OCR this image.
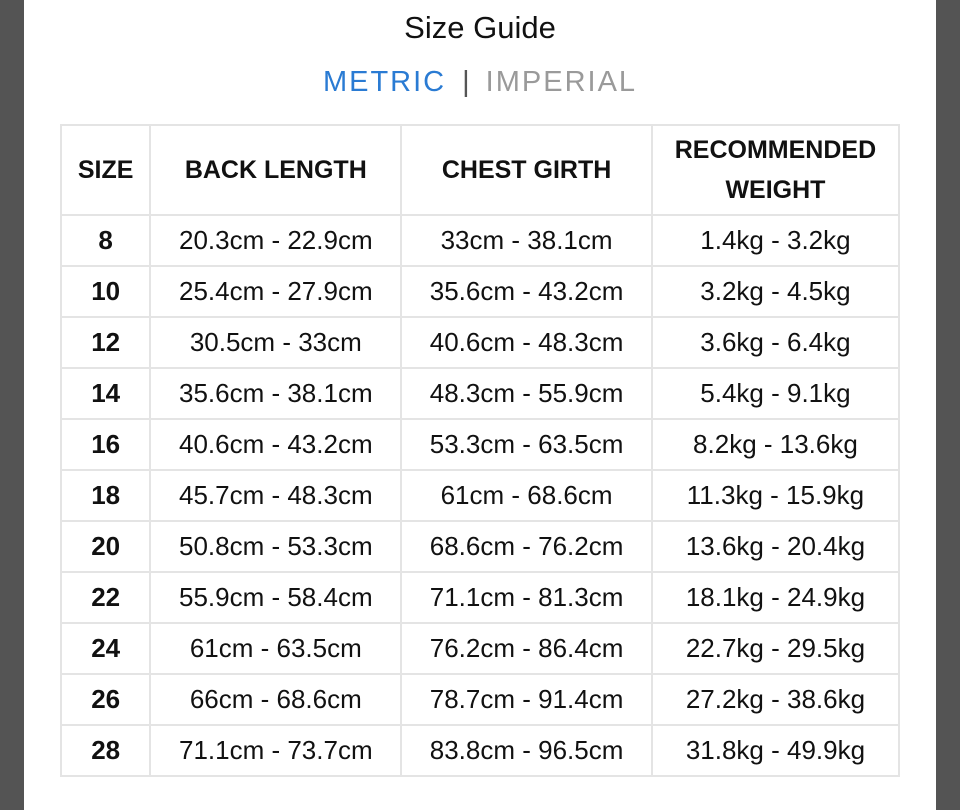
Size Guide
METRIC | IMPERIAL
SIZE	BACK LENGTH	CHEST GIRTH	RECOMMENDED
WEIGHT
8	20.3cm - 22.9cm	33cm - 38.1cm	1.4kg - 3.2kg
10	25.4cm - 27.9cm	35.6cm - 43.2cm	3.2kg - 4.5kg
12	30.5cm - 33cm	40.6cm - 48.3cm	3.6kg - 6.4kg
14	35.6cm - 38.1cm	48.3cm - 55.9cm	5.4kg - 9.1kg
16	40.6cm - 43.2cm	53.3cm - 63.5cm	8.2kg - 13.6kg
18	45.7cm - 48.3cm	61cm - 68.6cm	11.3kg - 15.9kg
20	50.8cm - 53.3cm	68.6cm - 76.2cm	13.6kg - 20.4kg
22	55.9cm - 58.4cm	71.1cm - 81.3cm	18.1kg - 24.9kg
24	61cm - 63.5cm	76.2cm - 86.4cm	22.7kg - 29.5kg
26	66cm - 68.6cm	78.7cm - 91.4cm	27.2kg - 38.6kg
28	71.1cm - 73.7cm	83.8cm - 96.5cm	31.8kg - 49.9kg
